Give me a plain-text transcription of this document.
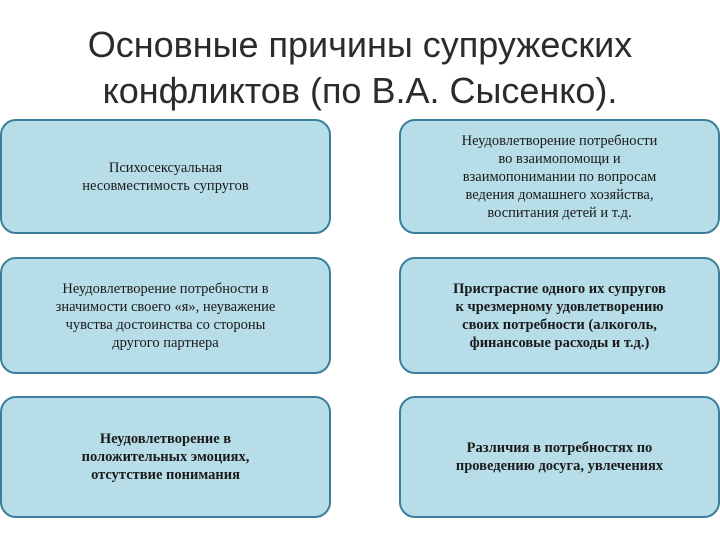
Основные причины супружеских
конфликтов (по В.А. Сысенко).
Психосексуальная
несовместимость супругов
Неудовлетворение потребности
во взаимопомощи и
взаимопонимании по вопросам
ведения домашнего хозяйства,
воспитания детей и т.д.
Неудовлетворение потребности в
значимости своего «я», неуважение
чувства достоинства со стороны
другого партнера
Пристрастие одного их супругов
к чрезмерному удовлетворению
своих потребности (алкоголь,
финансовые расходы и т.д.)
Неудовлетворение в
положительных эмоциях,
отсутствие понимания
Различия в потребностях по
проведению досуга, увлечениях
